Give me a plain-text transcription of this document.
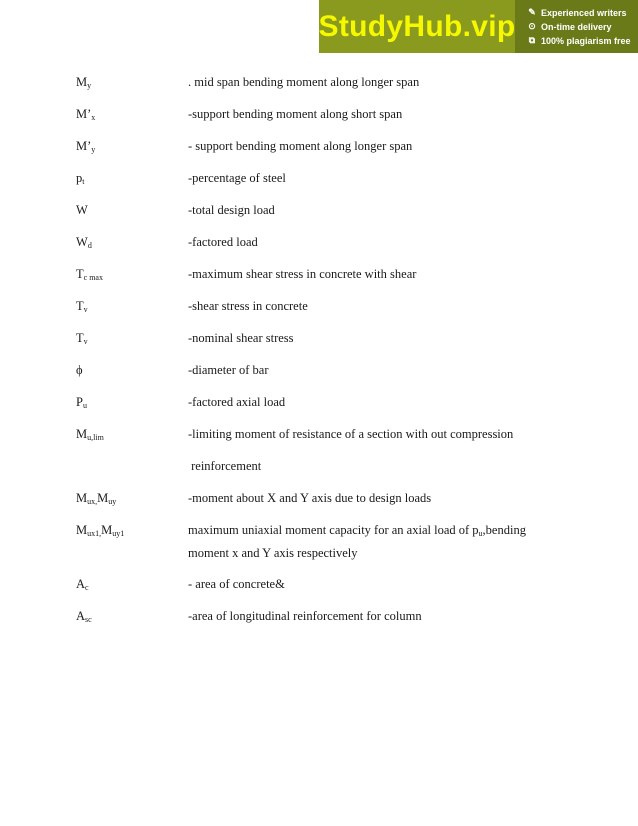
StudyHub.vip ✎ Experienced writers
⊙ On-time delivery
⧉ 100% plagiarism free
$M_y$	. mid span bending moment along longer span
$M’_x$	-support bending moment along short span
$M’_y$	- support bending moment along longer span
$p_t$	-percentage of steel
W	-total design load
$W_d$	-factored load
$T_{c max}$	-maximum shear stress in concrete with shear
$T_v$	-shear stress in concrete
$T_v$	-nominal shear stress
ϕ	-diameter of bar
$P_u$	-factored axial load
$M_{u,lim}$	-limiting moment of resistance of a section with out compression
reinforcement
$M_{ux,}M_{uy}$	-moment about X and Y axis due to design loads
$M_{ux1,}M_{uy1}$	maximum uniaxial moment capacity for an axial load of $p_u,bending$
moment x and Y axis respectively
$A_c$	- area of concrete&
$A_{sc}$	-area of longitudinal reinforcement for column
